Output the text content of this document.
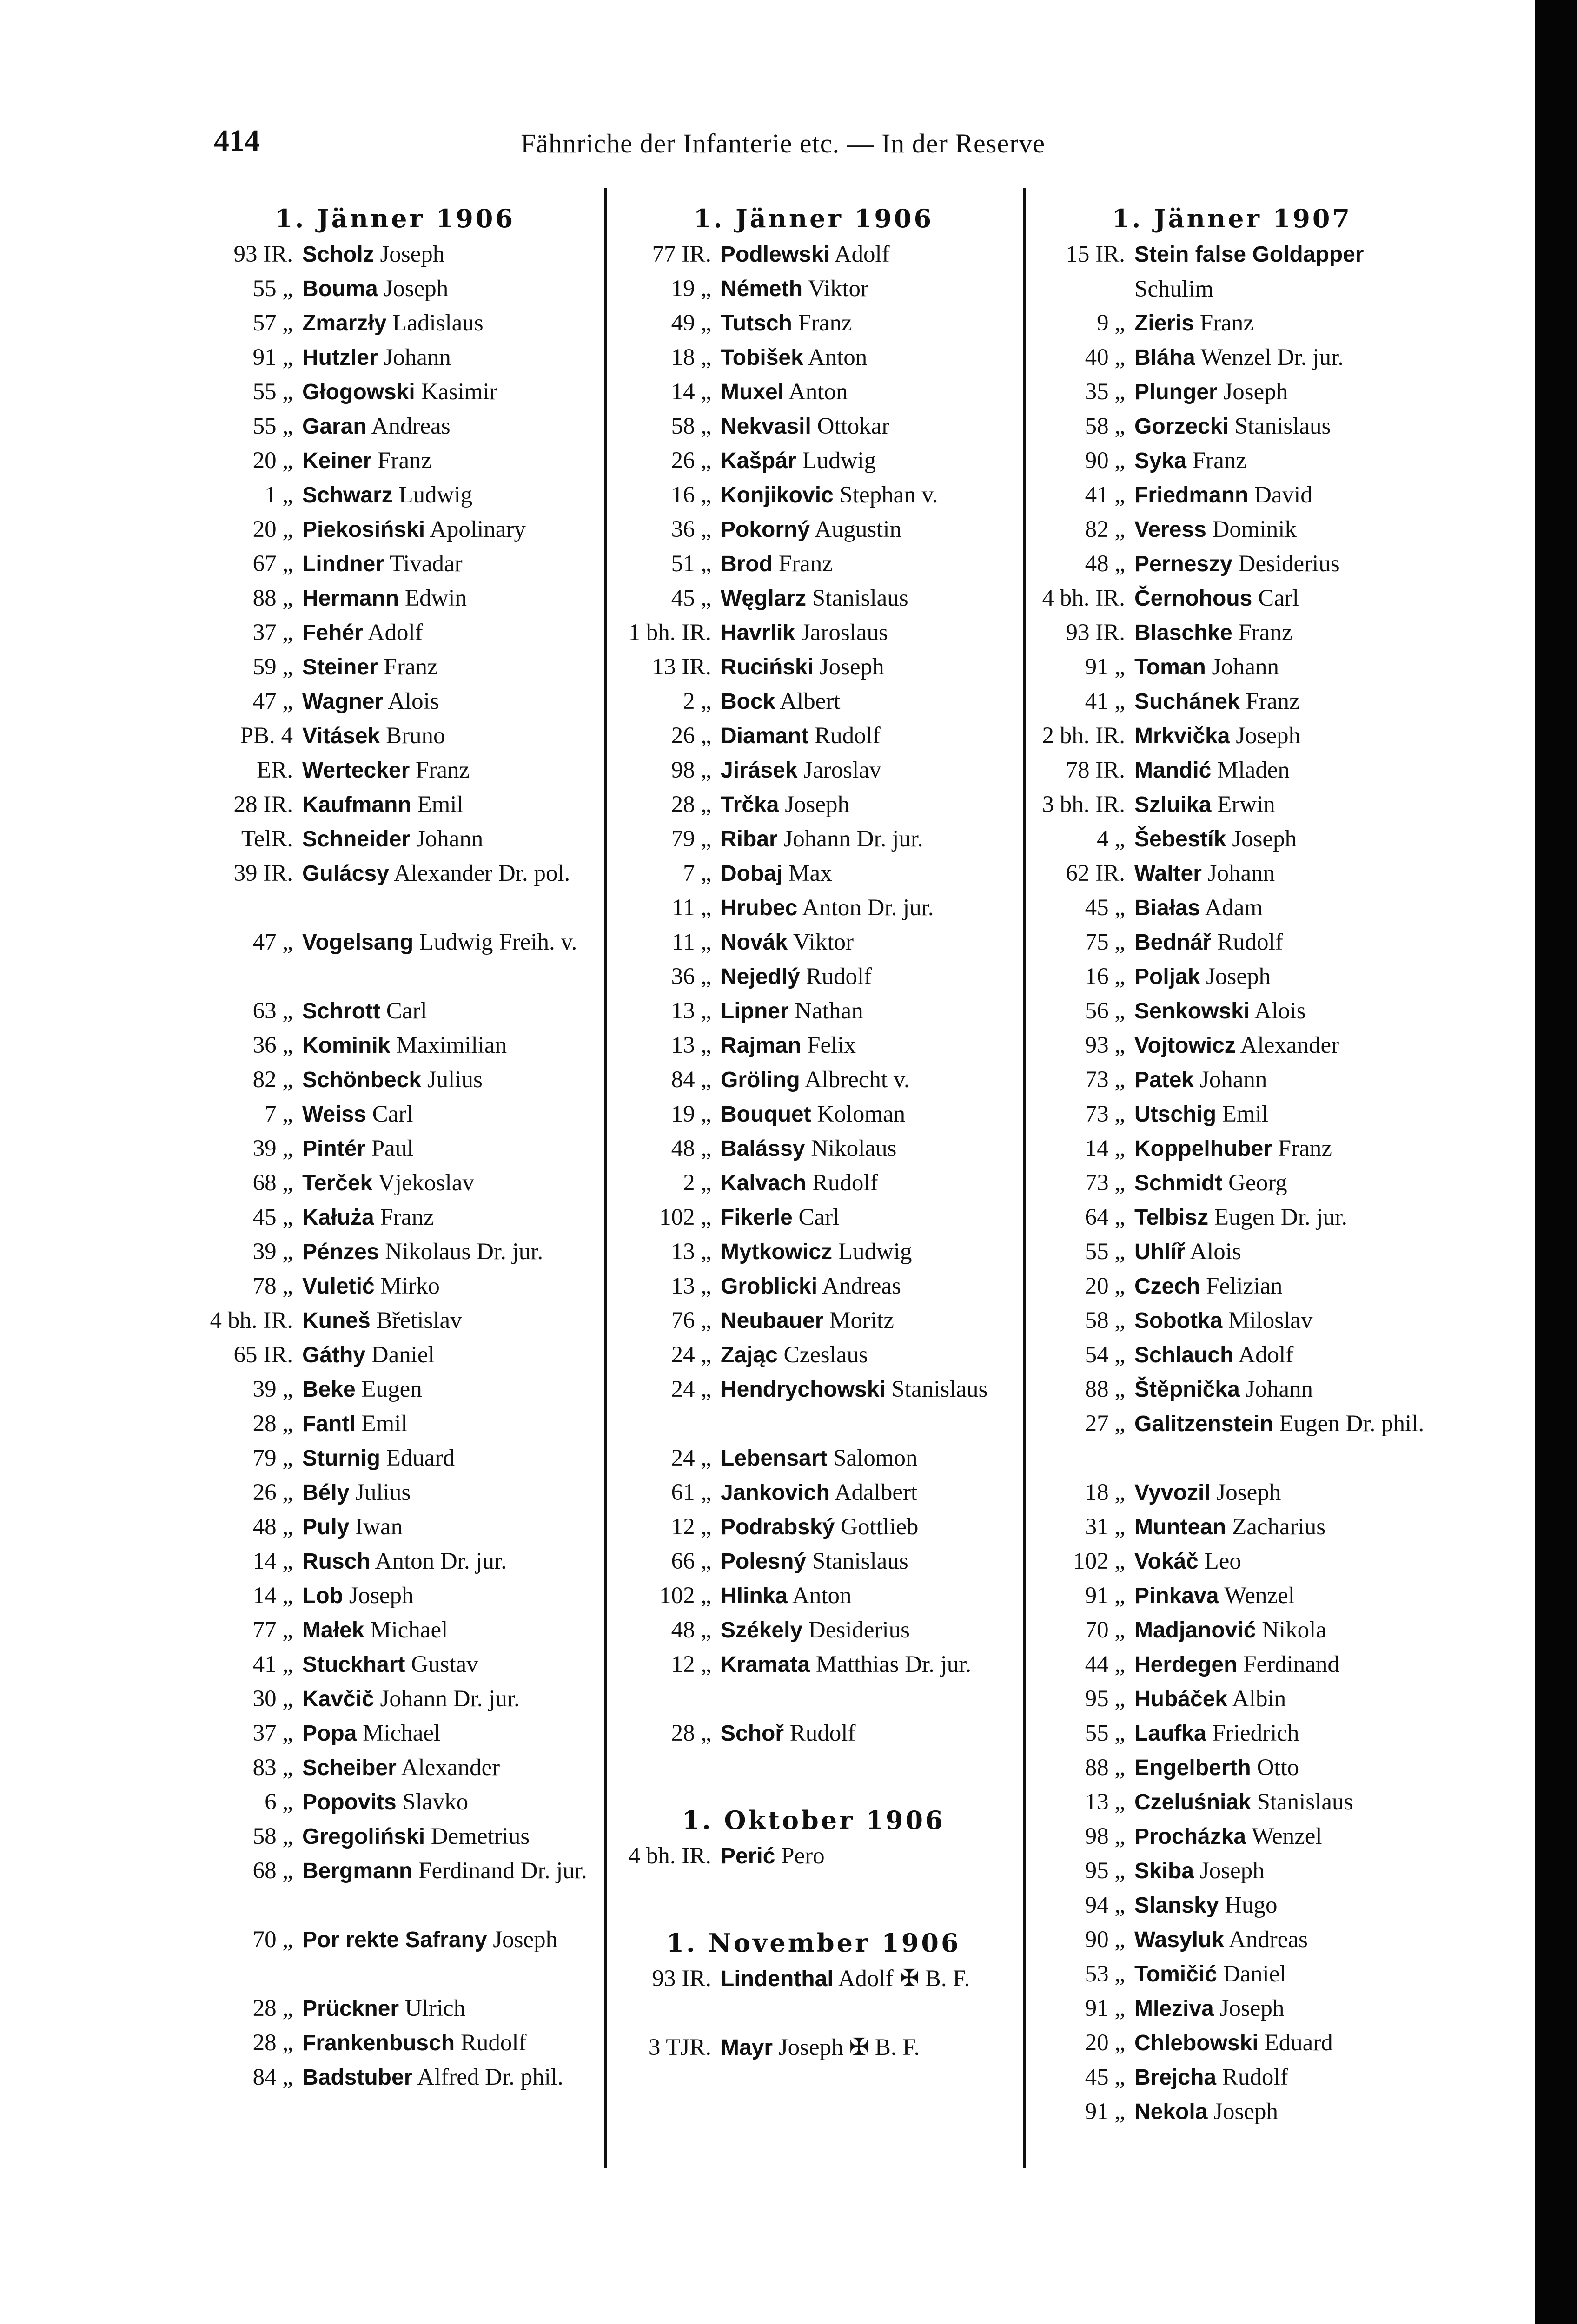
414	Fähnriche der Infanterie etc. — In der Reserve
1. Jänner 1906
93 IR. Scholz Joseph
55 „ Bouma Joseph
57 „ Zmarzły Ladislaus
91 „ Hutzler Johann
55 „ Głogowski Kasimir
55 „ Garan Andreas
20 „ Keiner Franz
1 „ Schwarz Ludwig
20 „ Piekosiński Apolinary
67 „ Lindner Tivadar
88 „ Hermann Edwin
37 „ Fehér Adolf
59 „ Steiner Franz
47 „ Wagner Alois
PB. 4 Vitásek Bruno
ER. Wertecker Franz
28 IR. Kaufmann Emil
TelR. Schneider Johann
39 IR. Gulácsy Alexander Dr. pol.
47 „ Vogelsang Ludwig Freih. v.
63 „ Schrott Carl
36 „ Kominik Maximilian
82 „ Schönbeck Julius
7 „ Weiss Carl
39 „ Pintér Paul
68 „ Terček Vjekoslav
45 „ Kałuża Franz
39 „ Pénzes Nikolaus Dr. jur.
78 „ Vuletić Mirko
4 bh. IR. Kuneš Břetislav
65 IR. Gáthy Daniel
39 „ Beke Eugen
28 „ Fantl Emil
79 „ Sturnig Eduard
26 „ Bély Julius
48 „ Puly Iwan
14 „ Rusch Anton Dr. jur.
14 „ Lob Joseph
77 „ Małek Michael
41 „ Stuckhart Gustav
30 „ Kavčič Johann Dr. jur.
37 „ Popa Michael
83 „ Scheiber Alexander
6 „ Popovits Slavko
58 „ Gregoliński Demetrius
68 „ Bergmann Ferdinand Dr. jur.
70 „ Por rekte Safrany Joseph
28 „ Prückner Ulrich
28 „ Frankenbusch Rudolf
84 „ Badstuber Alfred Dr. phil.
1. Jänner 1906
77 IR. Podlewski Adolf
19 „ Németh Viktor
49 „ Tutsch Franz
18 „ Tobišek Anton
14 „ Muxel Anton
58 „ Nekvasil Ottokar
26 „ Kašpár Ludwig
16 „ Konjikovic Stephan v.
36 „ Pokorný Augustin
51 „ Brod Franz
45 „ Węglarz Stanislaus
1 bh. IR. Havrlik Jaroslaus
13 IR. Ruciński Joseph
2 „ Bock Albert
26 „ Diamant Rudolf
98 „ Jirásek Jaroslav
28 „ Trčka Joseph
79 „ Ribar Johann Dr. jur.
7 „ Dobaj Max
11 „ Hrubec Anton Dr. jur.
11 „ Novák Viktor
36 „ Nejedlý Rudolf
13 „ Lipner Nathan
13 „ Rajman Felix
84 „ Gröling Albrecht v.
19 „ Bouquet Koloman
48 „ Balássy Nikolaus
2 „ Kalvach Rudolf
102 „ Fikerle Carl
13 „ Mytkowicz Ludwig
13 „ Groblicki Andreas
76 „ Neubauer Moritz
24 „ Zając Czeslaus
24 „ Hendrychowski Stanislaus
24 „ Lebensart Salomon
61 „ Jankovich Adalbert
12 „ Podrabský Gottlieb
66 „ Polesný Stanislaus
102 „ Hlinka Anton
48 „ Székely Desiderius
12 „ Kramata Matthias Dr. jur.
28 „ Schoř Rudolf
1. Oktober 1906
4 bh. IR. Perić Pero
1. November 1906
93 IR. Lindenthal Adolf ✠ B. F.
3 TJR. Mayr Joseph ✠ B. F.
1. Jänner 1907
15 IR. Stein false Goldapper Schulim
9 „ Zieris Franz
40 „ Bláha Wenzel Dr. jur.
35 „ Plunger Joseph
58 „ Gorzecki Stanislaus
90 „ Syka Franz
41 „ Friedmann David
82 „ Veress Dominik
48 „ Perneszy Desiderius
4 bh. IR. Černohous Carl
93 IR. Blaschke Franz
91 „ Toman Johann
41 „ Suchánek Franz
2 bh. IR. Mrkvička Joseph
78 IR. Mandić Mladen
3 bh. IR. Szluika Erwin
4 „ Šebestík Joseph
62 IR. Walter Johann
45 „ Białas Adam
75 „ Bednář Rudolf
16 „ Poljak Joseph
56 „ Senkowski Alois
93 „ Vojtowicz Alexander
73 „ Patek Johann
73 „ Utschig Emil
14 „ Koppelhuber Franz
73 „ Schmidt Georg
64 „ Telbisz Eugen Dr. jur.
55 „ Uhlíř Alois
20 „ Czech Felizian
58 „ Sobotka Miloslav
54 „ Schlauch Adolf
88 „ Štěpnička Johann
27 „ Galitzenstein Eugen Dr. phil.
18 „ Vyvozil Joseph
31 „ Muntean Zacharius
102 „ Vokáč Leo
91 „ Pinkava Wenzel
70 „ Madjanović Nikola
44 „ Herdegen Ferdinand
95 „ Hubáček Albin
55 „ Laufka Friedrich
88 „ Engelberth Otto
13 „ Czeluśniak Stanislaus
98 „ Procházka Wenzel
95 „ Skiba Joseph
94 „ Slansky Hugo
90 „ Wasyluk Andreas
53 „ Tomičić Daniel
91 „ Mleziva Joseph
20 „ Chlebowski Eduard
45 „ Brejcha Rudolf
91 „ Nekola Joseph
